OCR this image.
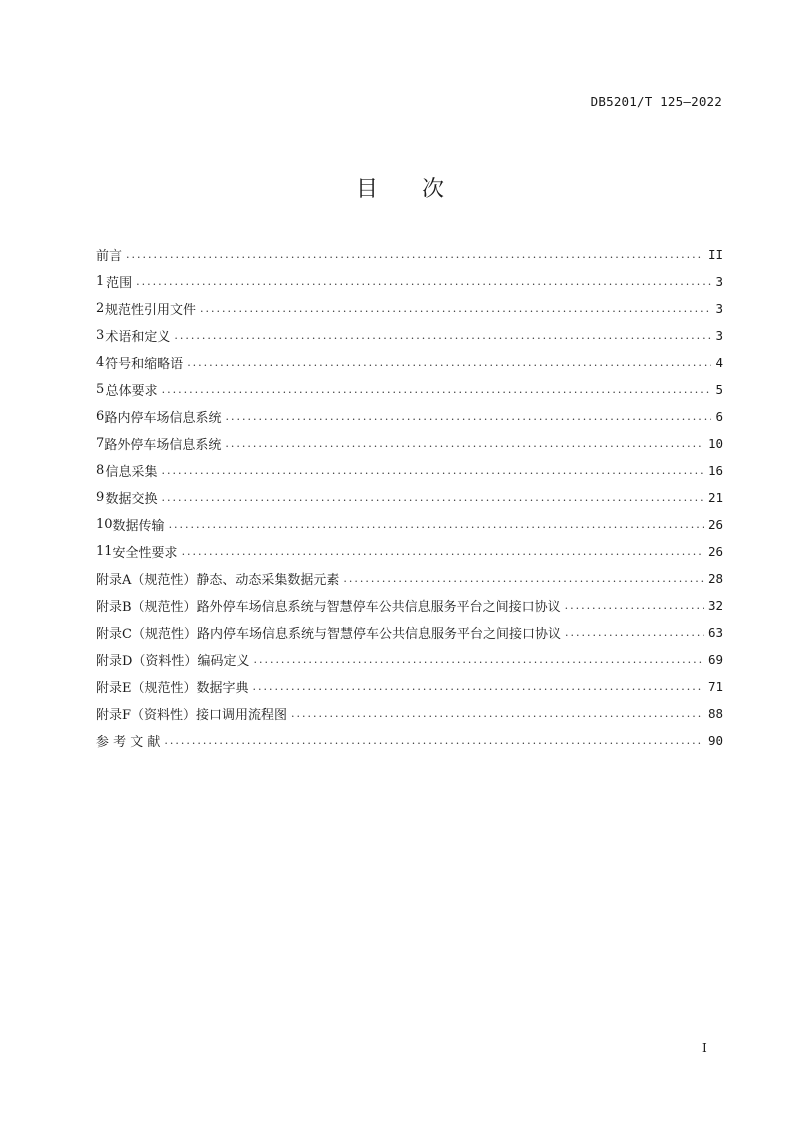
DB5201/T 125—2022
目 次
前言 .....	II
1 范围 .....	3
2 规范性引用文件 .....	3
3 术语和定义 .....	3
4 符号和缩略语 .....	4
5 总体要求 .....	5
6 路内停车场信息系统 .....	6
7 路外停车场信息系统 .....	10
8 信息采集 .....	16
9 数据交换 .....	21
10 数据传输 .....	26
11 安全性要求 .....	26
附录A（规范性） 静态、动态采集数据元素 .....	28
附录B（规范性） 路外停车场信息系统与智慧停车公共信息服务平台之间接口协议 .....	32
附录C（规范性） 路内停车场信息系统与智慧停车公共信息服务平台之间接口协议 .....	63
附录D（资料性） 编码定义 .....	69
附录E（规范性） 数据字典 .....	71
附录F（资料性） 接口调用流程图 .....	88
参 考 文 献 .....	90
I
